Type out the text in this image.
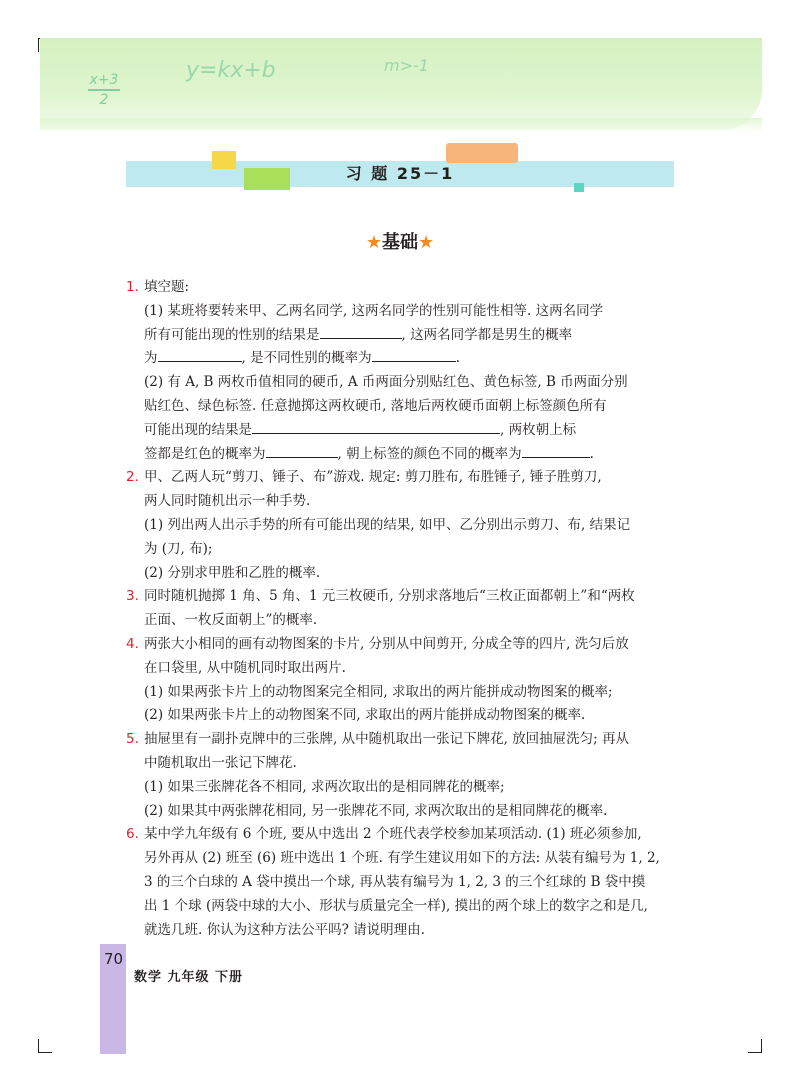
x+3
2
y=kx+b	m>-1
习 题 25－1
★基础★
1. 填空题:
(1) 某班将要转来甲、乙两名同学, 这两名同学的性别可能性相等. 这两名同学
所有可能出现的性别的结果是	, 这两名同学都是男生的概率
为	, 是不同性别的概率为	.
(2) 有 A, B 两枚币值相同的硬币, A 币两面分别贴红色、黄色标签, B 币两面分别
贴红色、绿色标签. 任意抛掷这两枚硬币, 落地后两枚硬币面朝上标签颜色所有
可能出现的结果是	, 两枚朝上标
签都是红色的概率为	, 朝上标签的颜色不同的概率为	.
2. 甲、乙两人玩“剪刀、锤子、布”游戏. 规定: 剪刀胜布, 布胜锤子, 锤子胜剪刀,
两人同时随机出示一种手势.
(1) 列出两人出示手势的所有可能出现的结果, 如甲、乙分别出示剪刀、布, 结果记
为 (刀, 布);
(2) 分别求甲胜和乙胜的概率.
3. 同时随机抛掷 1 角、5 角、1 元三枚硬币, 分别求落地后“三枚正面都朝上”和“两枚
正面、一枚反面朝上”的概率.
4. 两张大小相同的画有动物图案的卡片, 分别从中间剪开, 分成全等的四片, 洗匀后放
在口袋里, 从中随机同时取出两片.
(1) 如果两张卡片上的动物图案完全相同, 求取出的两片能拼成动物图案的概率;
(2) 如果两张卡片上的动物图案不同, 求取出的两片能拼成动物图案的概率.
5. 抽屉里有一副扑克牌中的三张牌, 从中随机取出一张记下牌花, 放回抽屉洗匀; 再从
中随机取出一张记下牌花.
(1) 如果三张牌花各不相同, 求两次取出的是相同牌花的概率;
(2) 如果其中两张牌花相同, 另一张牌花不同, 求两次取出的是相同牌花的概率.
6. 某中学九年级有 6 个班, 要从中选出 2 个班代表学校参加某项活动. (1) 班必须参加,
另外再从 (2) 班至 (6) 班中选出 1 个班. 有学生建议用如下的方法: 从装有编号为 1, 2,
3 的三个白球的 A 袋中摸出一个球, 再从装有编号为 1, 2, 3 的三个红球的 B 袋中摸
出 1 个球 (两袋中球的大小、形状与质量完全一样), 摸出的两个球上的数字之和是几,
就选几班. 你认为这种方法公平吗? 请说明理由.
70
数学 九年级 下册
